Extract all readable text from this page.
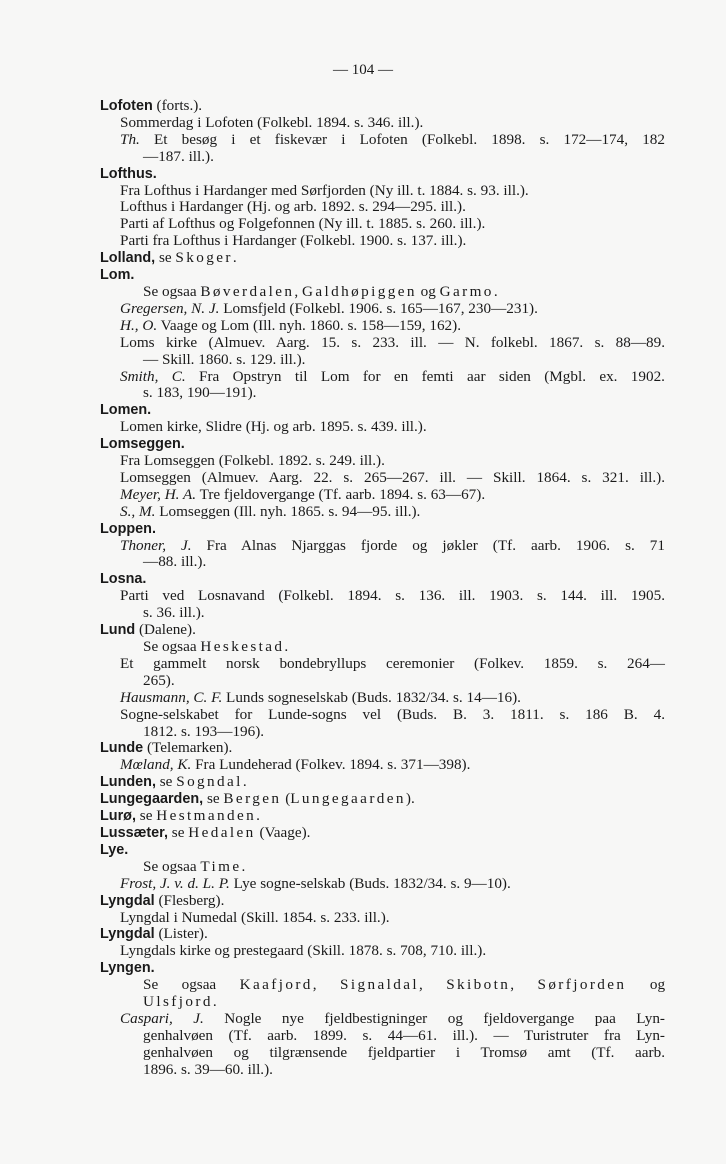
— 104 —
Lofoten (forts.).
Sommerdag i Lofoten (Folkebl. 1894. s. 346. ill.).
Th. Et besøg i et fiskevær i Lofoten (Folkebl. 1898. s. 172—174, 182
—187. ill.).
Lofthus.
Fra Lofthus i Hardanger med Sørfjorden (Ny ill. t. 1884. s. 93. ill.).
Lofthus i Hardanger (Hj. og arb. 1892. s. 294—295. ill.).
Parti af Lofthus og Folgefonnen (Ny ill. t. 1885. s. 260. ill.).
Parti fra Lofthus i Hardanger (Folkebl. 1900. s. 137. ill.).
Lolland, se Skoger.
Lom.
Se ogsaa Bøverdalen, Galdhøpiggen og Garmo.
Gregersen, N. J. Lomsfjeld (Folkebl. 1906. s. 165—167, 230—231).
H., O. Vaage og Lom (Ill. nyh. 1860. s. 158—159, 162).
Loms kirke (Almuev. Aarg. 15. s. 233. ill. — N. folkebl. 1867. s. 88—89.
— Skill. 1860. s. 129. ill.).
Smith, C. Fra Opstryn til Lom for en femti aar siden (Mgbl. ex. 1902.
s. 183, 190—191).
Lomen.
Lomen kirke, Slidre (Hj. og arb. 1895. s. 439. ill.).
Lomseggen.
Fra Lomseggen (Folkebl. 1892. s. 249. ill.).
Lomseggen (Almuev. Aarg. 22. s. 265—267. ill. — Skill. 1864. s. 321. ill.).
Meyer, H. A. Tre fjeldovergange (Tf. aarb. 1894. s. 63—67).
S., M. Lomseggen (Ill. nyh. 1865. s. 94—95. ill.).
Loppen.
Thoner, J. Fra Alnas Njarggas fjorde og jøkler (Tf. aarb. 1906. s. 71
—88. ill.).
Losna.
Parti ved Losnavand (Folkebl. 1894. s. 136. ill. 1903. s. 144. ill. 1905.
s. 36. ill.).
Lund (Dalene).
Se ogsaa Heskestad.
Et gammelt norsk bondebryllups ceremonier (Folkev. 1859. s. 264—
265).
Hausmann, C. F. Lunds sogneselskab (Buds. 1832/34. s. 14—16).
Sogne-selskabet for Lunde-sogns vel (Buds. B. 3. 1811. s. 186 B. 4.
1812. s. 193—196).
Lunde (Telemarken).
Mœland, K. Fra Lundeherad (Folkev. 1894. s. 371—398).
Lunden, se Sogndal.
Lungegaarden, se Bergen (Lungegaarden).
Lurø, se Hestmanden.
Lussæter, se Hedalen (Vaage).
Lye.
Se ogsaa Time.
Frost, J. v. d. L. P. Lye sogne-selskab (Buds. 1832/34. s. 9—10).
Lyngdal (Flesberg).
Lyngdal i Numedal (Skill. 1854. s. 233. ill.).
Lyngdal (Lister).
Lyngdals kirke og prestegaard (Skill. 1878. s. 708, 710. ill.).
Lyngen.
Se ogsaa Kaafjord, Signaldal, Skibotn, Sørfjorden og
Ulsfjord.
Caspari, J. Nogle nye fjeldbestigninger og fjeldovergange paa Lyn-
genhalvøen (Tf. aarb. 1899. s. 44—61. ill.). — Turistruter fra Lyn-
genhalvøen og tilgrænsende fjeldpartier i Tromsø amt (Tf. aarb.
1896. s. 39—60. ill.).
